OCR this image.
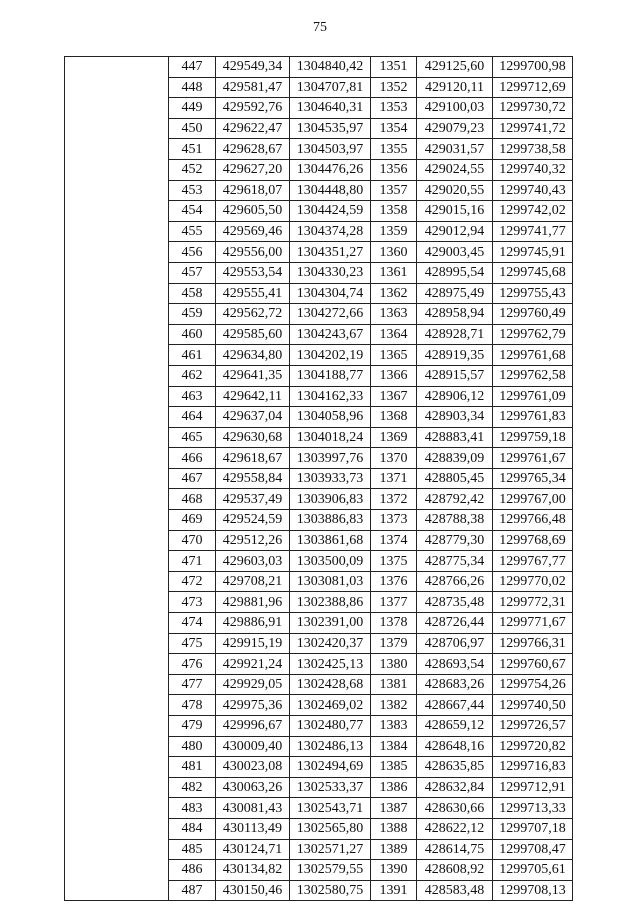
75
	447	429549,34	1304840,42	1351	429125,60	1299700,98
	448	429581,47	1304707,81	1352	429120,11	1299712,69
	449	429592,76	1304640,31	1353	429100,03	1299730,72
	450	429622,47	1304535,97	1354	429079,23	1299741,72
	451	429628,67	1304503,97	1355	429031,57	1299738,58
	452	429627,20	1304476,26	1356	429024,55	1299740,32
	453	429618,07	1304448,80	1357	429020,55	1299740,43
	454	429605,50	1304424,59	1358	429015,16	1299742,02
	455	429569,46	1304374,28	1359	429012,94	1299741,77
	456	429556,00	1304351,27	1360	429003,45	1299745,91
	457	429553,54	1304330,23	1361	428995,54	1299745,68
	458	429555,41	1304304,74	1362	428975,49	1299755,43
	459	429562,72	1304272,66	1363	428958,94	1299760,49
	460	429585,60	1304243,67	1364	428928,71	1299762,79
	461	429634,80	1304202,19	1365	428919,35	1299761,68
	462	429641,35	1304188,77	1366	428915,57	1299762,58
	463	429642,11	1304162,33	1367	428906,12	1299761,09
	464	429637,04	1304058,96	1368	428903,34	1299761,83
	465	429630,68	1304018,24	1369	428883,41	1299759,18
	466	429618,67	1303997,76	1370	428839,09	1299761,67
	467	429558,84	1303933,73	1371	428805,45	1299765,34
	468	429537,49	1303906,83	1372	428792,42	1299767,00
	469	429524,59	1303886,83	1373	428788,38	1299766,48
	470	429512,26	1303861,68	1374	428779,30	1299768,69
	471	429603,03	1303500,09	1375	428775,34	1299767,77
	472	429708,21	1303081,03	1376	428766,26	1299770,02
	473	429881,96	1302388,86	1377	428735,48	1299772,31
	474	429886,91	1302391,00	1378	428726,44	1299771,67
	475	429915,19	1302420,37	1379	428706,97	1299766,31
	476	429921,24	1302425,13	1380	428693,54	1299760,67
	477	429929,05	1302428,68	1381	428683,26	1299754,26
	478	429975,36	1302469,02	1382	428667,44	1299740,50
	479	429996,67	1302480,77	1383	428659,12	1299726,57
	480	430009,40	1302486,13	1384	428648,16	1299720,82
	481	430023,08	1302494,69	1385	428635,85	1299716,83
	482	430063,26	1302533,37	1386	428632,84	1299712,91
	483	430081,43	1302543,71	1387	428630,66	1299713,33
	484	430113,49	1302565,80	1388	428622,12	1299707,18
	485	430124,71	1302571,27	1389	428614,75	1299708,47
	486	430134,82	1302579,55	1390	428608,92	1299705,61
	487	430150,46	1302580,75	1391	428583,48	1299708,13
